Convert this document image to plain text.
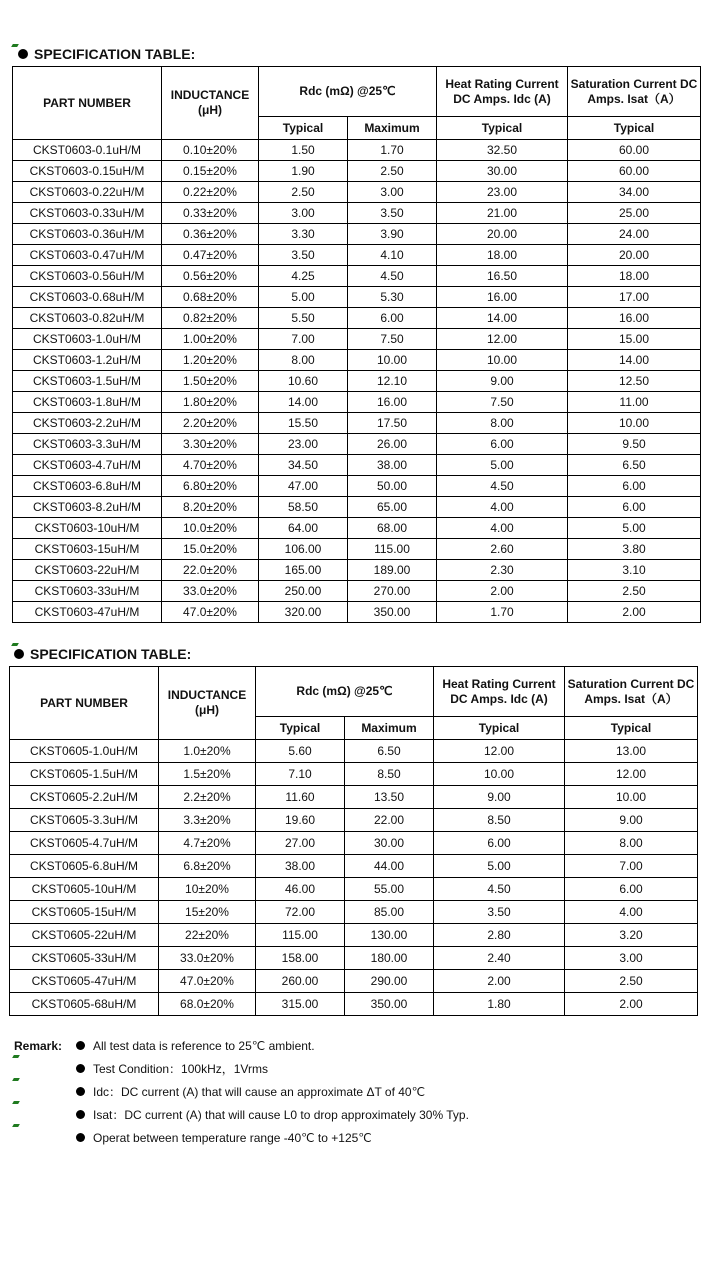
SPECIFICATION TABLE:
PART NUMBER	INDUCTANCE (μH)	Rdc (mΩ) @25℃		Heat Rating Current DC Amps. Idc (A)	Saturation Current DC Amps. Isat（A）
		Typical	Maximum	Typical	Typical
CKST0603-0.1uH/M	0.10±20%	1.50	1.70	32.50	60.00
CKST0603-0.15uH/M	0.15±20%	1.90	2.50	30.00	60.00
CKST0603-0.22uH/M	0.22±20%	2.50	3.00	23.00	34.00
CKST0603-0.33uH/M	0.33±20%	3.00	3.50	21.00	25.00
CKST0603-0.36uH/M	0.36±20%	3.30	3.90	20.00	24.00
CKST0603-0.47uH/M	0.47±20%	3.50	4.10	18.00	20.00
CKST0603-0.56uH/M	0.56±20%	4.25	4.50	16.50	18.00
CKST0603-0.68uH/M	0.68±20%	5.00	5.30	16.00	17.00
CKST0603-0.82uH/M	0.82±20%	5.50	6.00	14.00	16.00
CKST0603-1.0uH/M	1.00±20%	7.00	7.50	12.00	15.00
CKST0603-1.2uH/M	1.20±20%	8.00	10.00	10.00	14.00
CKST0603-1.5uH/M	1.50±20%	10.60	12.10	9.00	12.50
CKST0603-1.8uH/M	1.80±20%	14.00	16.00	7.50	11.00
CKST0603-2.2uH/M	2.20±20%	15.50	17.50	8.00	10.00
CKST0603-3.3uH/M	3.30±20%	23.00	26.00	6.00	9.50
CKST0603-4.7uH/M	4.70±20%	34.50	38.00	5.00	6.50
CKST0603-6.8uH/M	6.80±20%	47.00	50.00	4.50	6.00
CKST0603-8.2uH/M	8.20±20%	58.50	65.00	4.00	6.00
CKST0603-10uH/M	10.0±20%	64.00	68.00	4.00	5.00
CKST0603-15uH/M	15.0±20%	106.00	115.00	2.60	3.80
CKST0603-22uH/M	22.0±20%	165.00	189.00	2.30	3.10
CKST0603-33uH/M	33.0±20%	250.00	270.00	2.00	2.50
CKST0603-47uH/M	47.0±20%	320.00	350.00	1.70	2.00
SPECIFICATION TABLE:
PART NUMBER	INDUCTANCE (μH)	Rdc (mΩ) @25℃		Heat Rating Current DC Amps. Idc (A)	Saturation Current DC Amps. Isat（A）
		Typical	Maximum	Typical	Typical
CKST0605-1.0uH/M	1.0±20%	5.60	6.50	12.00	13.00
CKST0605-1.5uH/M	1.5±20%	7.10	8.50	10.00	12.00
CKST0605-2.2uH/M	2.2±20%	11.60	13.50	9.00	10.00
CKST0605-3.3uH/M	3.3±20%	19.60	22.00	8.50	9.00
CKST0605-4.7uH/M	4.7±20%	27.00	30.00	6.00	8.00
CKST0605-6.8uH/M	6.8±20%	38.00	44.00	5.00	7.00
CKST0605-10uH/M	10±20%	46.00	55.00	4.50	6.00
CKST0605-15uH/M	15±20%	72.00	85.00	3.50	4.00
CKST0605-22uH/M	22±20%	115.00	130.00	2.80	3.20
CKST0605-33uH/M	33.0±20%	158.00	180.00	2.40	3.00
CKST0605-47uH/M	47.0±20%	260.00	290.00	2.00	2.50
CKST0605-68uH/M	68.0±20%	315.00	350.00	1.80	2.00
Remark:	All test data is reference to 25℃ ambient.
Test Condition：100kHz，1Vrms
Idc：DC current (A) that will cause an approximate ΔT of 40℃
Isat：DC current (A) that will cause L0 to drop approximately 30% Typ.
Operat between temperature range -40℃ to +125℃
